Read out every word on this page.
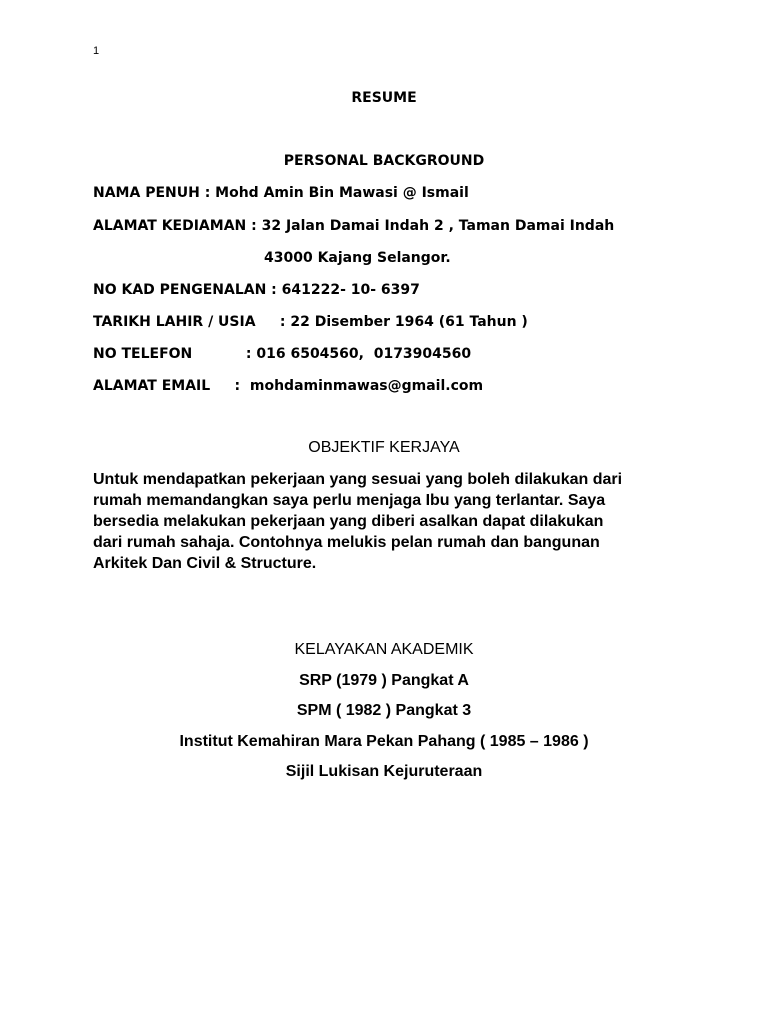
1
RESUME
PERSONAL BACKGROUND
NAMA PENUH : Mohd Amin Bin Mawasi @ Ismail
ALAMAT KEDIAMAN : 32 Jalan Damai Indah 2 , Taman Damai Indah
43000 Kajang Selangor.
NO KAD PENGENALAN : 641222- 10- 6397
TARIKH LAHIR / USIA     : 22 Disember 1964 (61 Tahun )
NO TELEFON           : 016 6504560,  0173904560
ALAMAT EMAIL     :  mohdaminmawas@gmail.com
OBJEKTIF KERJAYA
Untuk mendapatkan pekerjaan yang sesuai yang boleh dilakukan dari
rumah memandangkan saya perlu menjaga Ibu yang terlantar. Saya
bersedia melakukan pekerjaan yang diberi asalkan dapat dilakukan
dari rumah sahaja. Contohnya melukis pelan rumah dan bangunan
Arkitek Dan Civil & Structure.
KELAYAKAN AKADEMIK
SRP (1979 ) Pangkat A
SPM ( 1982 ) Pangkat 3
Institut Kemahiran Mara Pekan Pahang ( 1985 – 1986 )
Sijil Lukisan Kejuruteraan
